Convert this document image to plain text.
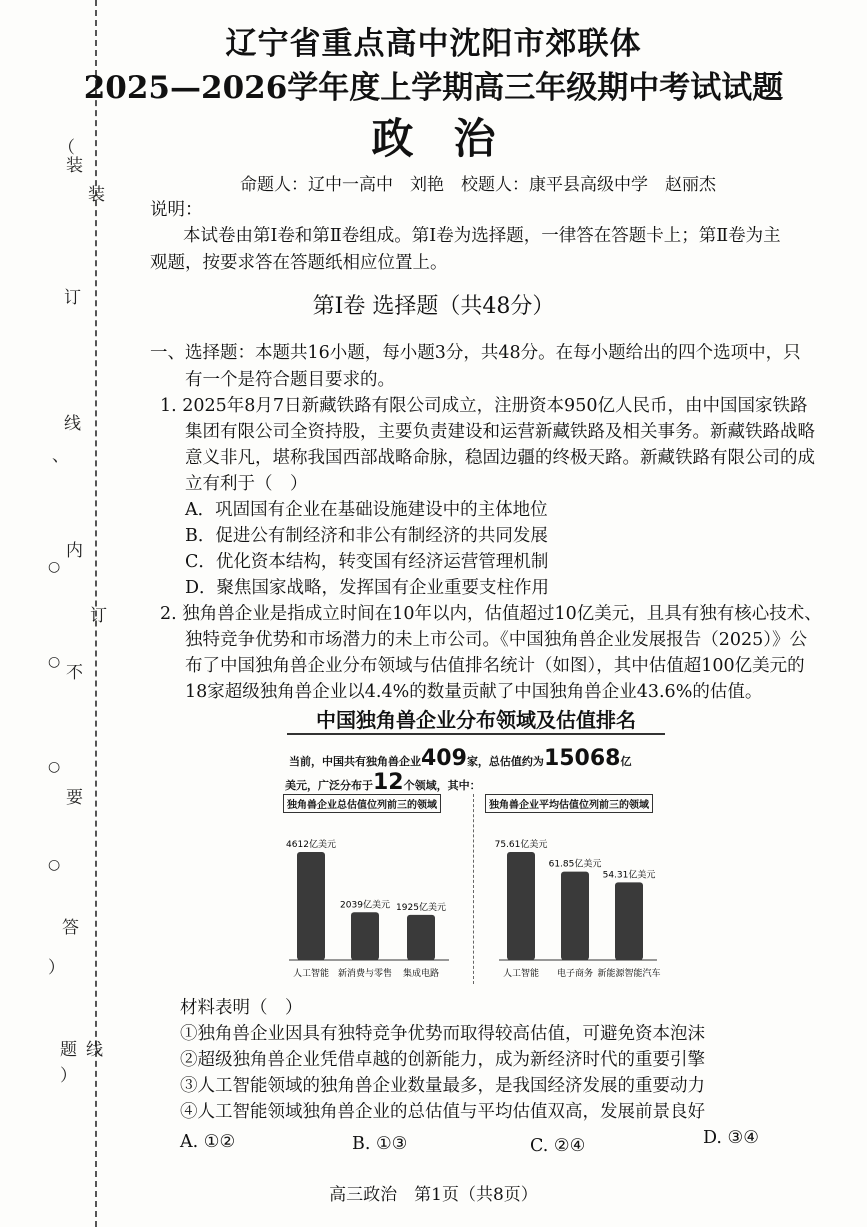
（
装
装
订
线
、
内
订
不
要
答
）
题 线
）
○
○
○
○
辽宁省重点高中沈阳市郊联体
2025—2026学年度上学期高三年级期中考试试题
政治
命题人：辽中一高中　刘艳　校题人：康平县高级中学　赵丽杰
说明：
本试卷由第Ⅰ卷和第Ⅱ卷组成。第Ⅰ卷为选择题，一律答在答题卡上；第Ⅱ卷为主
观题，按要求答在答题纸相应位置上。
第Ⅰ卷 选择题（共48分）
一、选择题：本题共16小题，每小题3分，共48分。在每小题给出的四个选项中，只
有一个是符合题目要求的。
1. 2025年8月7日新藏铁路有限公司成立，注册资本950亿人民币，由中国国家铁路
集团有限公司全资持股，主要负责建设和运营新藏铁路及相关事务。新藏铁路战略
意义非凡，堪称我国西部战略命脉，稳固边疆的终极天路。新藏铁路有限公司的成
立有利于（　）
A．巩固国有企业在基础设施建设中的主体地位
B．促进公有制经济和非公有制经济的共同发展
C．优化资本结构，转变国有经济运营管理机制
D．聚焦国家战略，发挥国有企业重要支柱作用
2. 独角兽企业是指成立时间在10年以内，估值超过10亿美元，且具有独有核心技术、
独特竞争优势和市场潜力的未上市公司。《中国独角兽企业发展报告（2025）》公
布了中国独角兽企业分布领域与估值排名统计（如图），其中估值超100亿美元的
18家超级独角兽企业以4.4%的数量贡献了中国独角兽企业43.6%的估值。
中国独角兽企业分布领域及估值排名
当前，中国共有独角兽企业409家，总估值约为15068亿
美元，广泛分布于12个领域，其中：
独角兽企业总估值位列前三的领域	独角兽企业平均估值位列前三的领域
4612亿美元
人工智能
2039亿美元
新消费与零售
1925亿美元
集成电路
75.61亿美元
人工智能
61.85亿美元
电子商务
54.31亿美元
新能源智能汽车
材料表明（　）
①独角兽企业因具有独特竞争优势而取得较高估值，可避免资本泡沫
②超级独角兽企业凭借卓越的创新能力，成为新经济时代的重要引擎
③人工智能领域的独角兽企业数量最多，是我国经济发展的重要动力
④人工智能领域独角兽企业的总估值与平均估值双高，发展前景良好
A. ①②	B. ①③	C. ②④	D. ③④
高三政治　第1页（共8页）
